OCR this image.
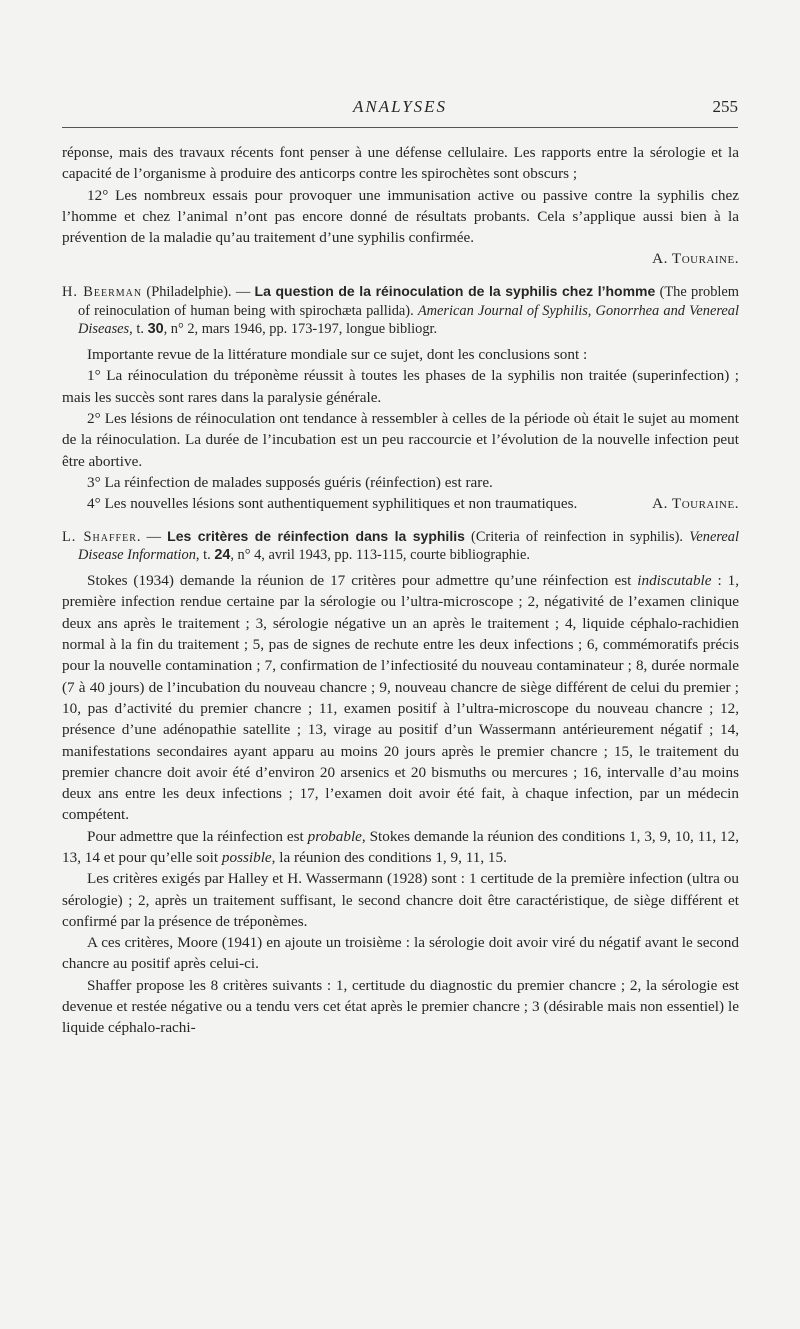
ANALYSES	255

réponse, mais des travaux récents font penser à une défense cellulaire. Les rapports entre la sérologie et la capacité de l’organisme à produire des anticorps contre les spirochètes sont obscurs ;

12° Les nombreux essais pour provoquer une immunisation active ou passive contre la syphilis chez l’homme et chez l’animal n’ont pas encore donné de résultats probants. Cela s’applique aussi bien à la prévention de la maladie qu’au traitement d’une syphilis confirmée.

A. Touraine.

H. Beerman (Philadelphie). — La question de la réinoculation de la syphilis chez l’homme (The problem of reinoculation of human being with spirochæta pallida). American Journal of Syphilis, Gonorrhea and Venereal Diseases, t. 30, n° 2, mars 1946, pp. 173-197, longue bibliogr.

Importante revue de la littérature mondiale sur ce sujet, dont les conclusions sont :

1° La réinoculation du tréponème réussit à toutes les phases de la syphilis non traitée (superinfection) ; mais les succès sont rares dans la paralysie générale.

2° Les lésions de réinoculation ont tendance à ressembler à celles de la période où était le sujet au moment de la réinoculation. La durée de l’incubation est un peu raccourcie et l’évolution de la nouvelle infection peut être abortive.

3° La réinfection de malades supposés guéris (réinfection) est rare.

4° Les nouvelles lésions sont authentiquement syphilitiques et non traumatiques.	A. Touraine.

L. Shaffer. — Les critères de réinfection dans la syphilis (Criteria of reinfection in syphilis). Venereal Disease Information, t. 24, n° 4, avril 1943, pp. 113-115, courte bibliographie.

Stokes (1934) demande la réunion de 17 critères pour admettre qu’une réinfection est indiscutable : 1, première infection rendue certaine par la sérologie ou l’ultra-microscope ; 2, négativité de l’examen clinique deux ans après le traitement ; 3, sérologie négative un an après le traitement ; 4, liquide céphalo-rachidien normal à la fin du traitement ; 5, pas de signes de rechute entre les deux infections ; 6, commémoratifs précis pour la nouvelle contamination ; 7, confirmation de l’infectiosité du nouveau contaminateur ; 8, durée normale (7 à 40 jours) de l’incubation du nouveau chancre ; 9, nouveau chancre de siège différent de celui du premier ; 10, pas d’activité du premier chancre ; 11, examen positif à l’ultra-microscope du nouveau chancre ; 12, présence d’une adénopathie satellite ; 13, virage au positif d’un Wassermann antérieurement négatif ; 14, manifestations secondaires ayant apparu au moins 20 jours après le premier chancre ; 15, le traitement du premier chancre doit avoir été d’environ 20 arsenics et 20 bismuths ou mercures ; 16, intervalle d’au moins deux ans entre les deux infections ; 17, l’examen doit avoir été fait, à chaque infection, par un médecin compétent.

Pour admettre que la réinfection est probable, Stokes demande la réunion des conditions 1, 3, 9, 10, 11, 12, 13, 14 et pour qu’elle soit possible, la réunion des conditions 1, 9, 11, 15.

Les critères exigés par Halley et H. Wassermann (1928) sont : 1 certitude de la première infection (ultra ou sérologie) ; 2, après un traitement suffisant, le second chancre doit être caractéristique, de siège différent et confirmé par la présence de tréponèmes.

A ces critères, Moore (1941) en ajoute un troisième : la sérologie doit avoir viré du négatif avant le second chancre au positif après celui-ci.

Shaffer propose les 8 critères suivants : 1, certitude du diagnostic du premier chancre ; 2, la sérologie est devenue et restée négative ou a tendu vers cet état après le premier chancre ; 3 (désirable mais non essentiel) le liquide céphalo-rachi-
